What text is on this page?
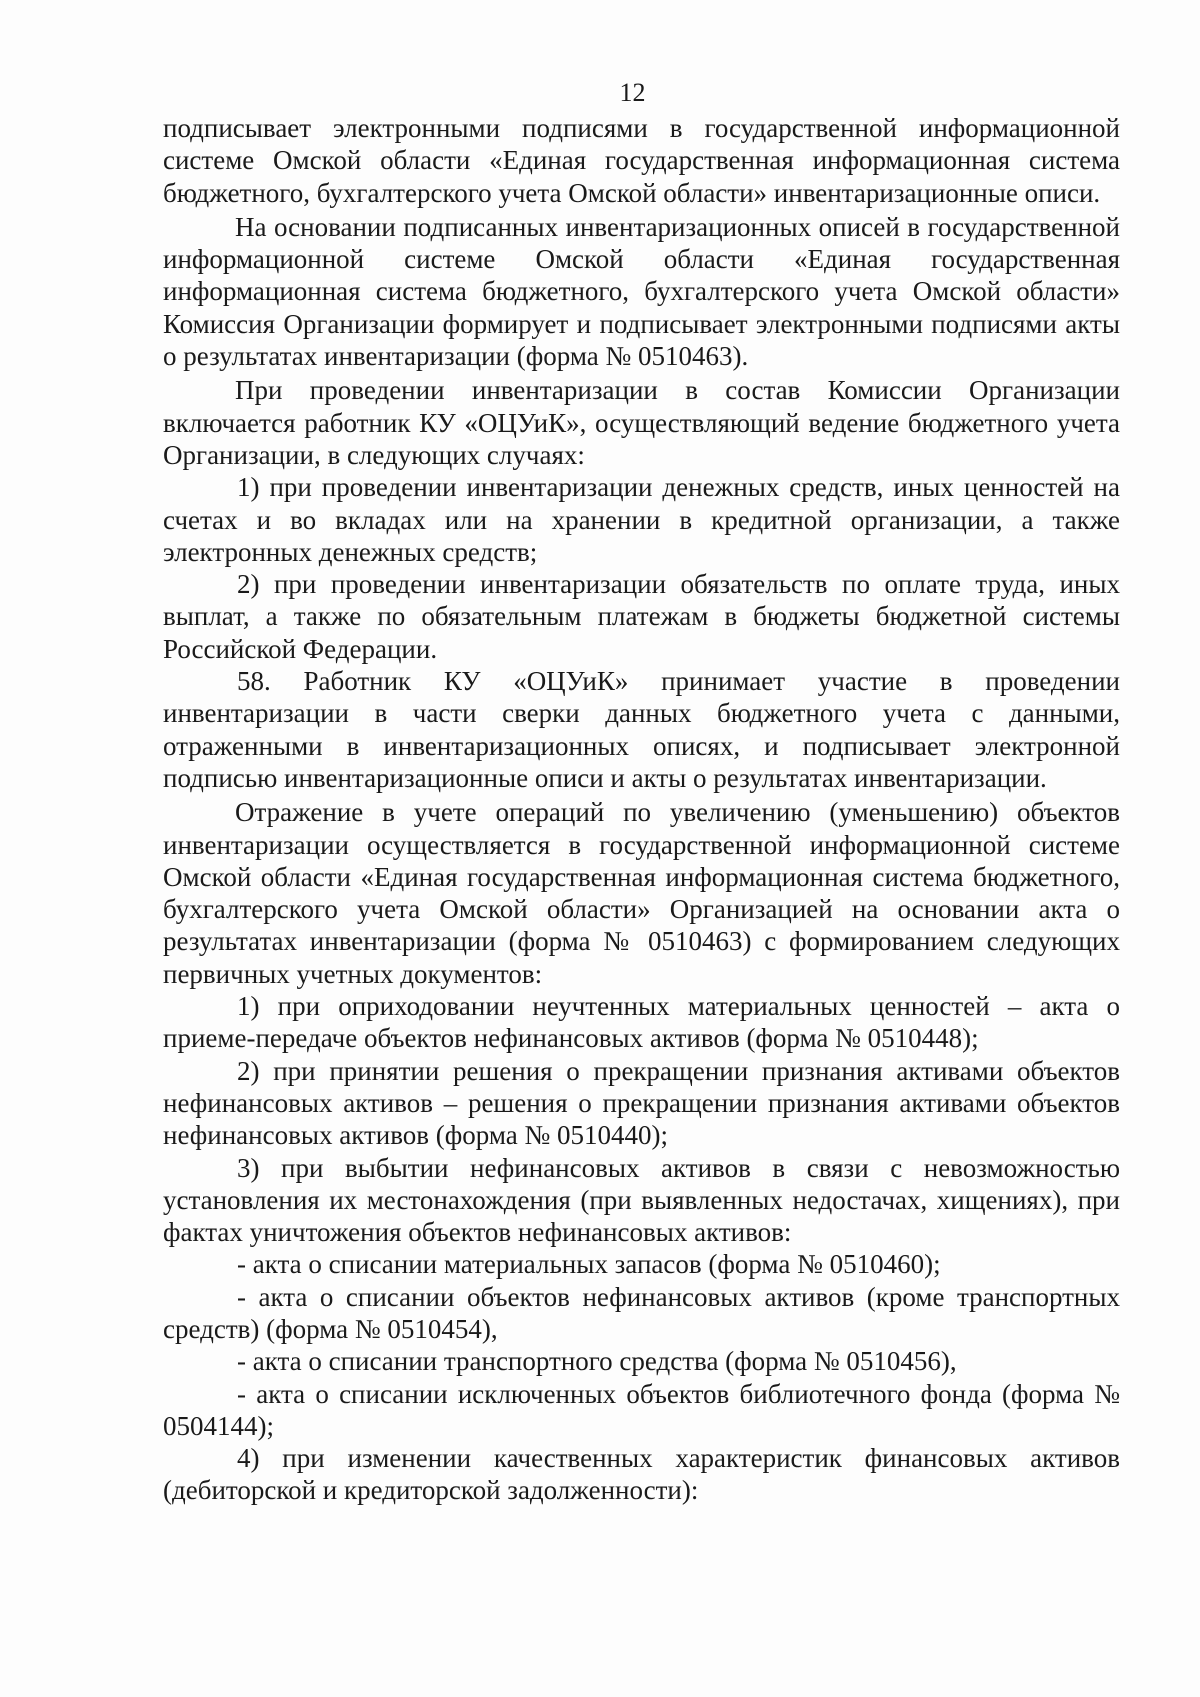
12

подписывает электронными подписями в государственной информационной системе Омской области «Единая государственная информационная система бюджетного, бухгалтерского учета Омской области» инвентаризационные описи.

На основании подписанных инвентаризационных описей в государственной информационной системе Омской области «Единая государственная информационная система бюджетного, бухгалтерского учета Омской области» Комиссия Организации формирует и подписывает электронными подписями акты о результатах инвентаризации (форма № 0510463).

При проведении инвентаризации в состав Комиссии Организации включается работник КУ «ОЦУиК», осуществляющий ведение бюджетного учета Организации, в следующих случаях:

1) при проведении инвентаризации денежных средств, иных ценностей на счетах и во вкладах или на хранении в кредитной организации, а также электронных денежных средств;

2) при проведении инвентаризации обязательств по оплате труда, иных выплат, а также по обязательным платежам в бюджеты бюджетной системы Российской Федерации.

58. Работник КУ «ОЦУиК» принимает участие в проведении инвентаризации в части сверки данных бюджетного учета с данными, отраженными в инвентаризационных описях, и подписывает электронной подписью инвентаризационные описи и акты о результатах инвентаризации.

Отражение в учете операций по увеличению (уменьшению) объектов инвентаризации осуществляется в государственной информационной системе Омской области «Единая государственная информационная система бюджетного, бухгалтерского учета Омской области» Организацией на основании акта о результатах инвентаризации (форма № 0510463) с формированием следующих первичных учетных документов:

1) при оприходовании неучтенных материальных ценностей – акта о приеме-передаче объектов нефинансовых активов (форма № 0510448);

2) при принятии решения о прекращении признания активами объектов нефинансовых активов – решения о прекращении признания активами объектов нефинансовых активов (форма № 0510440);

3) при выбытии нефинансовых активов в связи с невозможностью установления их местонахождения (при выявленных недостачах, хищениях), при фактах уничтожения объектов нефинансовых активов:

- акта о списании материальных запасов (форма № 0510460);

- акта о списании объектов нефинансовых активов (кроме транспортных средств) (форма № 0510454),

- акта о списании транспортного средства (форма № 0510456),

- акта о списании исключенных объектов библиотечного фонда (форма № 0504144);

4) при изменении качественных характеристик финансовых активов (дебиторской и кредиторской задолженности):
